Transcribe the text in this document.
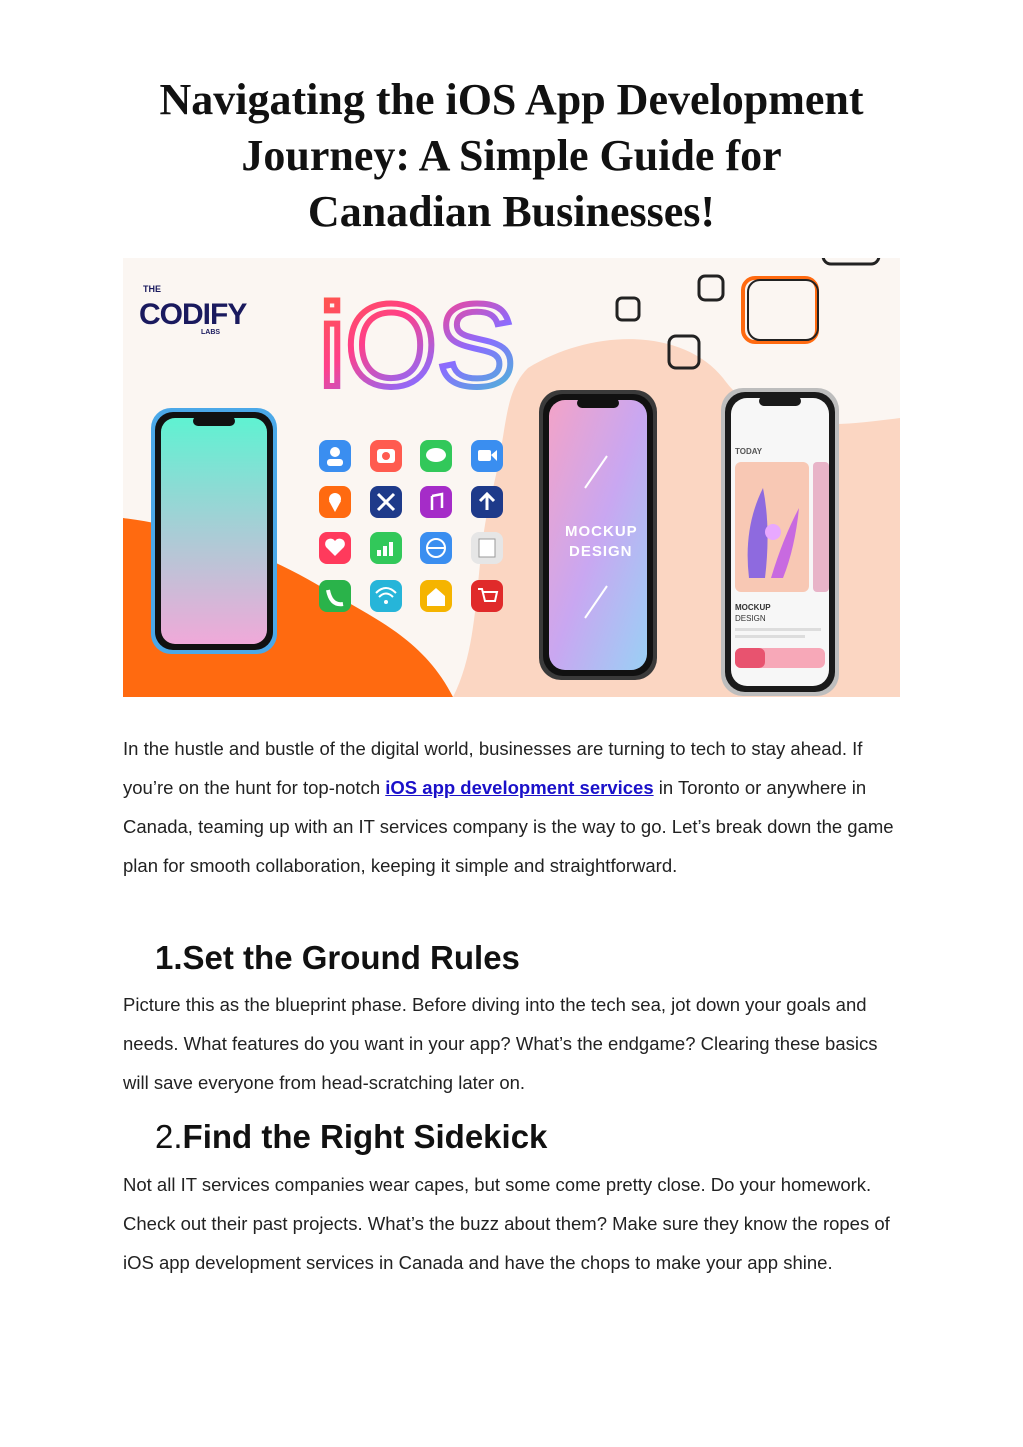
Navigating the iOS App Development
Journey: A Simple Guide for
Canadian Businesses!
THE
CODIFY
LABS iOS
MOCKUP
DESIGN
TODAY
MOCKUP
DESIGN

In the hustle and bustle of the digital world, businesses are turning to tech to stay ahead. If you’re on the hunt for top-notch iOS app development services in Toronto or anywhere in Canada, teaming up with an IT services company is the way to go. Let’s break down the game plan for smooth collaboration, keeping it simple and straightforward.

1.Set the Ground Rules

Picture this as the blueprint phase. Before diving into the tech sea, jot down your goals and needs. What features do you want in your app? What’s the endgame? Clearing these basics will save everyone from head-scratching later on.

2.Find the Right Sidekick

Not all IT services companies wear capes, but some come pretty close. Do your homework. Check out their past projects. What’s the buzz about them? Make sure they know the ropes of iOS app development services in Canada and have the chops to make your app shine.
